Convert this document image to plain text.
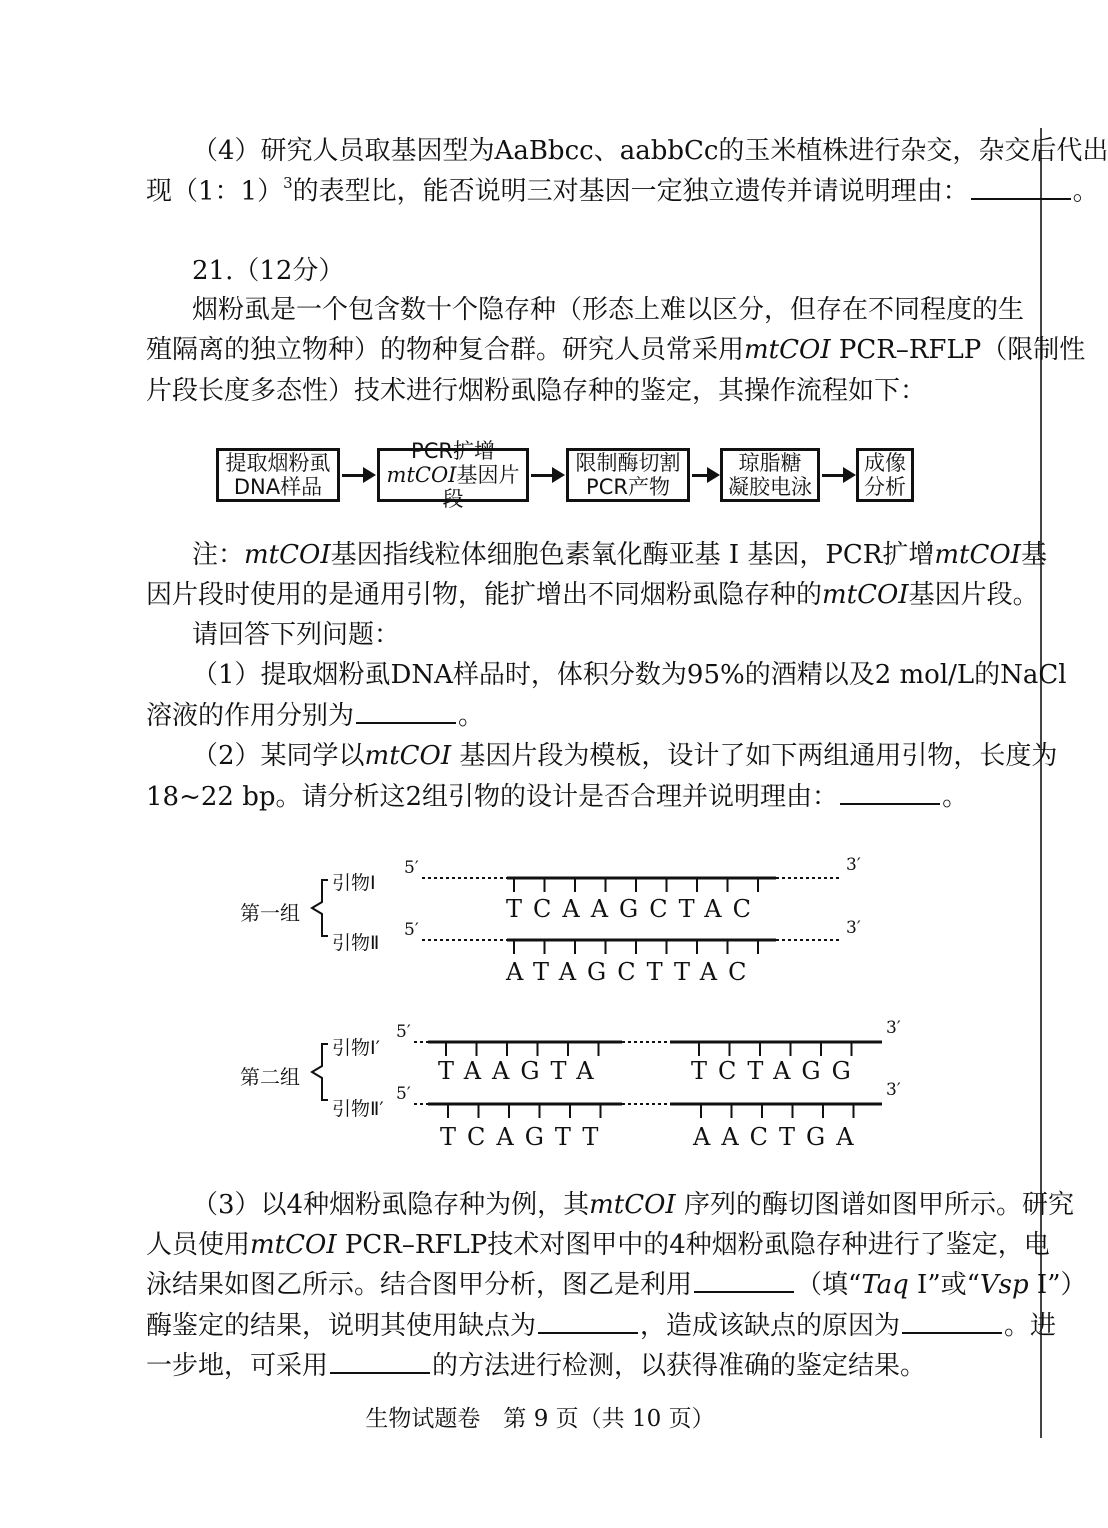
（4）研究人员取基因型为AaBbcc、aabbCc的玉米植株进行杂交，杂交后代出
现（1：1）$^3$的表型比，能否说明三对基因一定独立遗传并请说明理由：	。
21.（12分）
烟粉虱是一个包含数十个隐存种（形态上难以区分，但存在不同程度的生
殖隔离的独立物种）的物种复合群。研究人员常采用mtCOI PCR–RFLP（限制性
片段长度多态性）技术进行烟粉虱隐存种的鉴定，其操作流程如下：
提取烟粉虱
DNA样品
PCR扩增
mtCOI基因片段
限制酶切割
PCR产物
琼脂糖
凝胶电泳
成像
分析
注：mtCOI基因指线粒体细胞色素氧化酶亚基 Ⅰ 基因，PCR扩增mtCOI基
因片段时使用的是通用引物，能扩增出不同烟粉虱隐存种的mtCOI基因片段。
请回答下列问题：
（1）提取烟粉虱DNA样品时，体积分数为95%的酒精以及2 mol/L的NaCl
溶液的作用分别为	。
（2）某同学以mtCOI 基因片段为模板，设计了如下两组通用引物，长度为
18~22 bp。请分析这2组引物的设计是否合理并说明理由：	。
第一组
第二组
引物Ⅰ
引物Ⅱ
引物Ⅰ′
引物Ⅱ′
5′	3′
5′	3′
5′	3′
5′	3′
TCAAGCTAC
ATAGCTTAC
TAAGTA	TCTAGG
TCAGTT	AACTGA
（3）以4种烟粉虱隐存种为例，其mtCOI 序列的酶切图谱如图甲所示。研究
人员使用mtCOI PCR–RFLP技术对图甲中的4种烟粉虱隐存种进行了鉴定，电
泳结果如图乙所示。结合图甲分析，图乙是利用	（填“Taq Ⅰ”或“Vsp Ⅰ”）
酶鉴定的结果，说明其使用缺点为	，造成该缺点的原因为	。进
一步地，可采用	的方法进行检测，以获得准确的鉴定结果。
生物试题卷　第 9 页（共 10 页）
